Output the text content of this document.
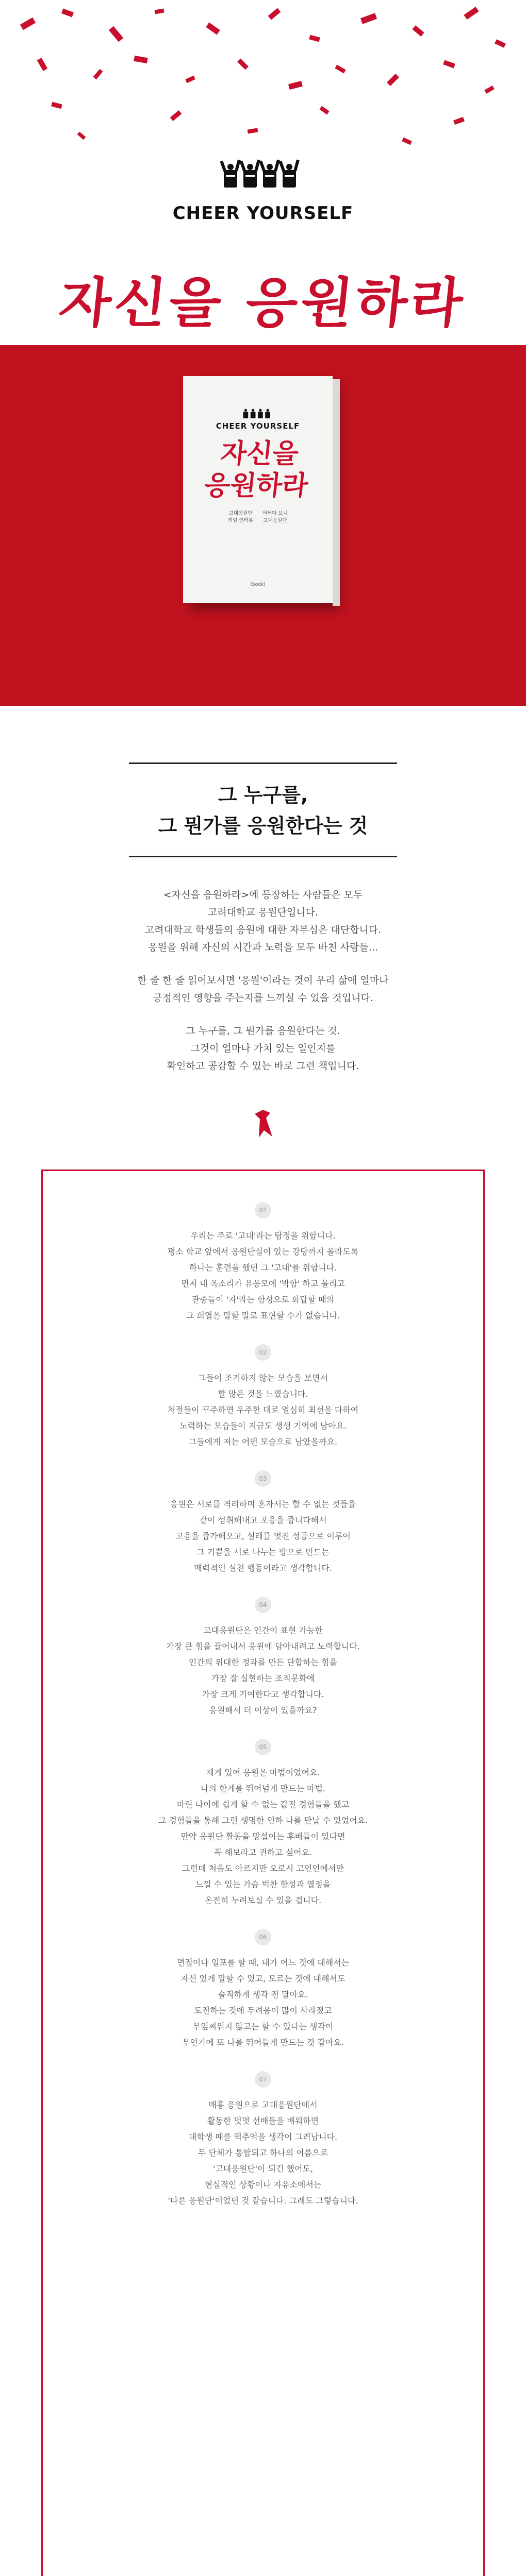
CHEER YOURSELF
자신을 응원하라
CHEER YOURSELF
자신을
응원하라
고대응원단
리얼 인터뷰
어쩌다 보니
고대응원단
(book)
그 누구를,
그 뭔가를 응원한다는 것

<자신을 응원하라>에 등장하는 사람들은 모두
고려대학교 응원단입니다.
고려대학교 학생들의 응원에 대한 자부심은 대단합니다.
응원을 위해 자신의 시간과 노력을 모두 바친 사람들...

한 줄 한 줄 읽어보시면 '응원'이라는 것이 우리 삶에 얼마나
긍정적인 영향을 주는지를 느끼실 수 있을 것입니다.

그 누구를, 그 뭔가를 응원한다는 것.
그것이 얼마나 가치 있는 일인지를
확인하고 공감할 수 있는 바로 그런 책입니다.

01
우리는 주로 '고대'라는 탐정을 위합니다.
평소 학교 앞에서 응원단실이 있는 강당까지 올라도록
하나는 훈련을 했던 그 '고대'를 위합니다.
먼저 내 옥소리가 유응모에 '박함' 하고 올리고
관중들이 '자'라는 함성으로 화답할 때의
그 희열은 말할 말로 표현할 수가 없습니다.
02
그들이 조기하지 않는 모습을 보면서
할 많은 것을 느꼈습니다.
처절들이 꾸주하면 우주한 대로 열심히 최선을 다하여
노력하는 모습들이 지금도 생생 기억에 남아요.
그들에게 저는 어떤 모습으로 남았을까요.
03
응원은 서로를 격려하며 혼자서는 할 수 없는 것들을
같이 성취해내고 포응을 줍니다해서
고응을 줍가해오고, 설레를 멋진 성공으로 이루어
그 기쁨을 서로 나누는 방으로 만드는
매력적인 실천 행동이라고 생각합니다.
04
고대응원단은 인간이 표현 가능한
가장 큰 힘을 끌어내서 응원에 담아내려고 노력합니다.
인간의 위대한 정과를 만든 단합하는 힘을
가장 잘 실현하는 조직문화에
가장 크게 기여한다고 생각합니다.
응원해서 더 이상이 있을까요?
05
제게 있어 응원은 마법이었어요.
나의 한계를 뛰어넘게 만드는 마법.
마린 나이에 쉽게 할 수 없는 값진 경험들을 했고
그 경험들을 통해 그런 생명한 인하 나를 만날 수 있었어요.
만약 응원단 활동을 망설이는 후배들이 있다면
꼭 해보라고 권하고 싶어요.
그런데 처음도 아르지만 오로시 고연인에서만
느낄 수 있는 가슴 벅찬 함성과 열정을
온전히 누려보실 수 있을 겁니다.
06
면접이나 일포를 할 때, 내가 어느 것에 대해서는
자신 있게 말할 수 있고, 모르는 것에 대해서도
솔직하게 생각 전 달아요.
도전하는 것에 두려움이 많이 사라졌고
무잎찌워지 않고는 할 수 있다는 생각이
무언가에 또 나를 뛰어들게 만드는 것 같아요.
07
매흥 응원으로 고대응원단에서
활동한 멋멋 선배들을 배워하면
대학생 때를 떡추억을 생각이 그려납니다.
두 단체가 통합되고 하나의 이름으로
'고대응원단'이 되긴 했어도,
현실적인 상황이나 자유소에서는
'다른 응원단'이었던 것 같습니다. 그래도 그렇습니다.
